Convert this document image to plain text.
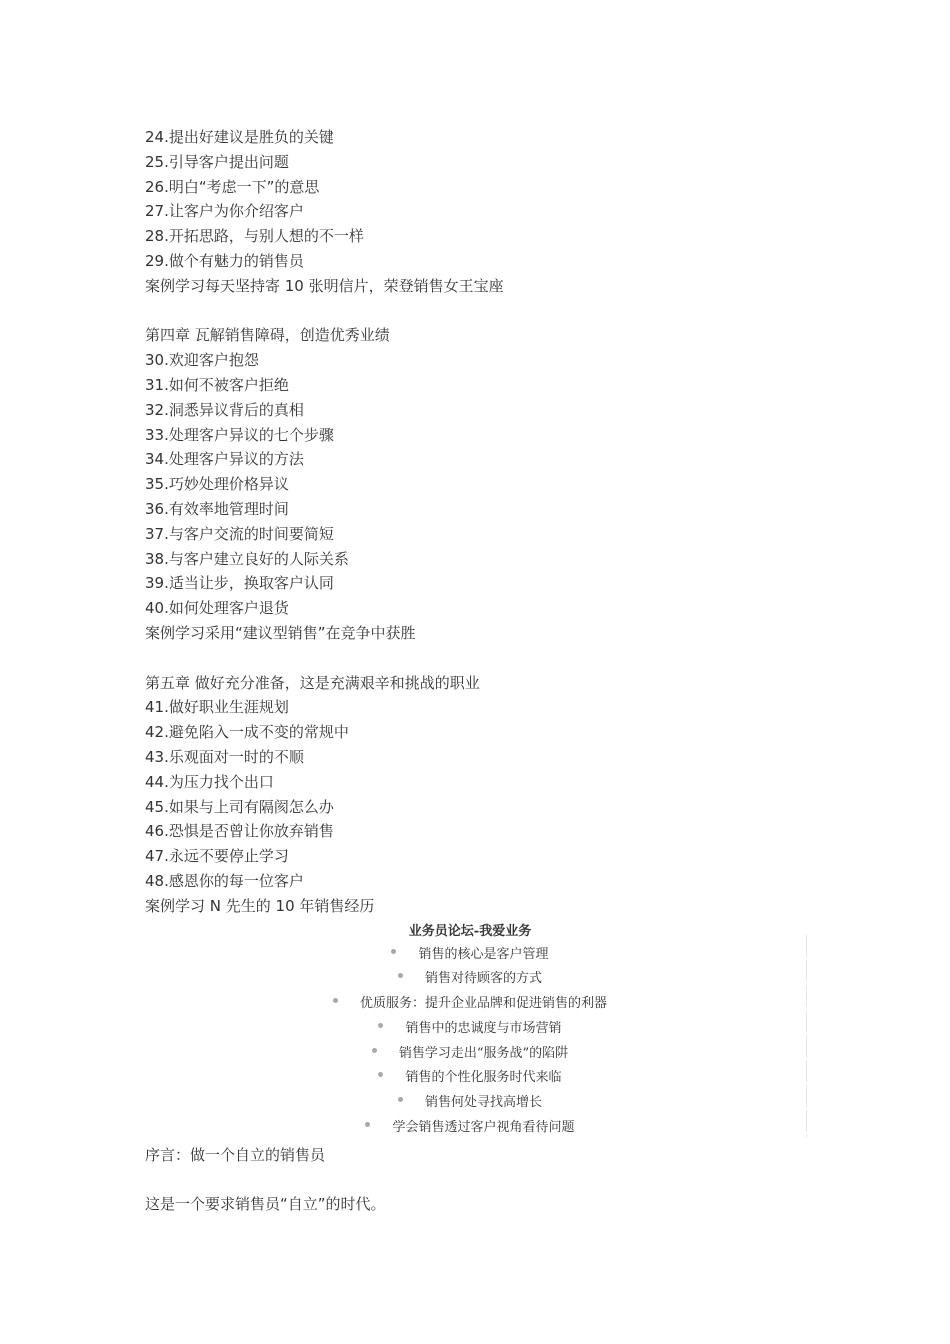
24.提出好建议是胜负的关键
25.引导客户提出问题
26.明白“考虑一下”的意思
27.让客户为你介绍客户
28.开拓思路，与别人想的不一样
29.做个有魅力的销售员
案例学习每天坚持寄 10 张明信片，荣登销售女王宝座
第四章 瓦解销售障碍，创造优秀业绩
30.欢迎客户抱怨
31.如何不被客户拒绝
32.洞悉异议背后的真相
33.处理客户异议的七个步骤
34.处理客户异议的方法
35.巧妙处理价格异议
36.有效率地管理时间
37.与客户交流的时间要简短
38.与客户建立良好的人际关系
39.适当让步，换取客户认同
40.如何处理客户退货
案例学习采用“建议型销售”在竞争中获胜
第五章 做好充分准备，这是充满艰辛和挑战的职业
41.做好职业生涯规划
42.避免陷入一成不变的常规中
43.乐观面对一时的不顺
44.为压力找个出口
45.如果与上司有隔阂怎么办
46.恐惧是否曾让你放弃销售
47.永远不要停止学习
48.感恩你的每一位客户
案例学习 N 先生的 10 年销售经历
业务员论坛-我爱业务
销售的核心是客户管理
销售对待顾客的方式
优质服务：提升企业品牌和促进销售的利器
销售中的忠诚度与市场营销
销售学习走出“服务战”的陷阱
销售的个性化服务时代来临
销售何处寻找高增长
学会销售透过客户视角看待问题
序言：做一个自立的销售员
这是一个要求销售员“自立”的时代。
